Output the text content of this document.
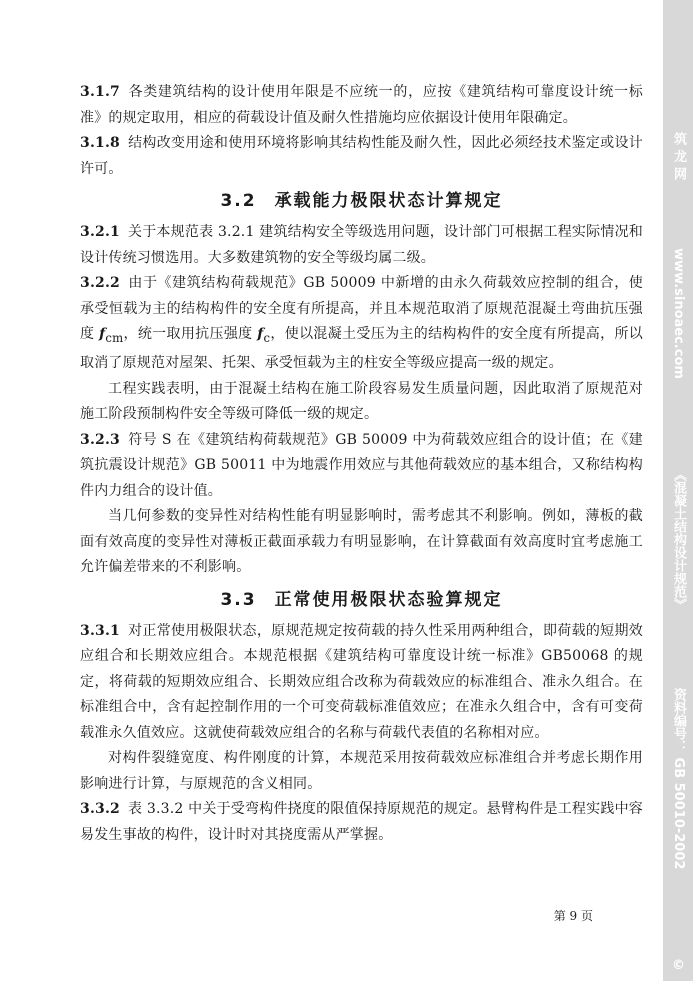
筑 龙 网
www.sinoaec.com
《混凝土结构设计规范》
资料编号： GB 50010-2002
©

3.1.7 各类建筑结构的设计使用年限是不应统一的，应按《建筑结构可靠度设计统一标准》的规定取用，相应的荷载设计值及耐久性措施均应依据设计使用年限确定。

3.1.8 结构改变用途和使用环境将影响其结构性能及耐久性，因此必须经技术鉴定或设计许可。

3.2 承载能力极限状态计算规定

3.2.1 关于本规范表 3.2.1 建筑结构安全等级选用问题，设计部门可根据工程实际情况和设计传统习惯选用。大多数建筑物的安全等级均属二级。

3.2.2 由于《建筑结构荷载规范》GB 50009 中新增的由永久荷载效应控制的组合，使承受恒载为主的结构构件的安全度有所提高，并且本规范取消了原规范混凝土弯曲抗压强度 $f_{cm}$，统一取用抗压强度 $f_c$，使以混凝土受压为主的结构构件的安全度有所提高，所以取消了原规范对屋架、托架、承受恒载为主的柱安全等级应提高一级的规定。

工程实践表明，由于混凝土结构在施工阶段容易发生质量问题，因此取消了原规范对施工阶段预制构件安全等级可降低一级的规定。

3.2.3 符号 S 在《建筑结构荷载规范》GB 50009 中为荷载效应组合的设计值；在《建筑抗震设计规范》GB 50011 中为地震作用效应与其他荷载效应的基本组合，又称结构构件内力组合的设计值。

当几何参数的变异性对结构性能有明显影响时，需考虑其不利影响。例如，薄板的截面有效高度的变异性对薄板正截面承载力有明显影响，在计算截面有效高度时宜考虑施工允许偏差带来的不利影响。

3.3 正常使用极限状态验算规定

3.3.1 对正常使用极限状态，原规范规定按荷载的持久性采用两种组合，即荷载的短期效应组合和长期效应组合。本规范根据《建筑结构可靠度设计统一标准》GB50068 的规定，将荷载的短期效应组合、长期效应组合改称为荷载效应的标准组合、准永久组合。在标准组合中，含有起控制作用的一个可变荷载标准值效应；在准永久组合中，含有可变荷载准永久值效应。这就使荷载效应组合的名称与荷载代表值的名称相对应。

对构件裂缝宽度、构件刚度的计算，本规范采用按荷载效应标准组合并考虑长期作用影响进行计算，与原规范的含义相同。

3.3.2 表 3.3.2 中关于受弯构件挠度的限值保持原规范的规定。悬臂构件是工程实践中容易发生事故的构件，设计时对其挠度需从严掌握。

第 9 页
